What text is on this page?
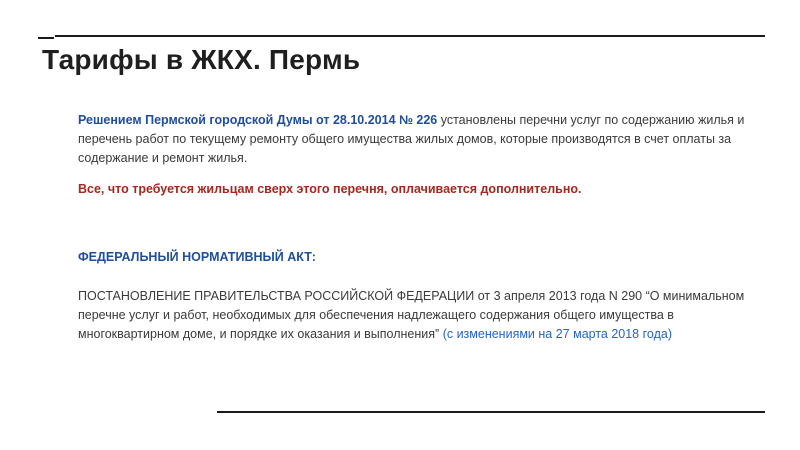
Тарифы в ЖКХ. Пермь

Решением Пермской городской Думы от 28.10.2014 № 226 установлены перечни услуг по содержанию жилья и перечень работ по текущему ремонту общего имущества жилых домов, которые производятся в счет оплаты за содержание и ремонт жилья.

Все, что требуется жильцам сверх этого перечня, оплачивается дополнительно.

ФЕДЕРАЛЬНЫЙ НОРМАТИВНЫЙ АКТ:

ПОСТАНОВЛЕНИЕ ПРАВИТЕЛЬСТВА РОССИЙСКОЙ ФЕДЕРАЦИИ от 3 апреля 2013 года N 290 “О минимальном перечне услуг и работ, необходимых для обеспечения надлежащего содержания общего имущества в многоквартирном доме, и порядке их оказания и выполнения” (с изменениями на 27 марта 2018 года)
